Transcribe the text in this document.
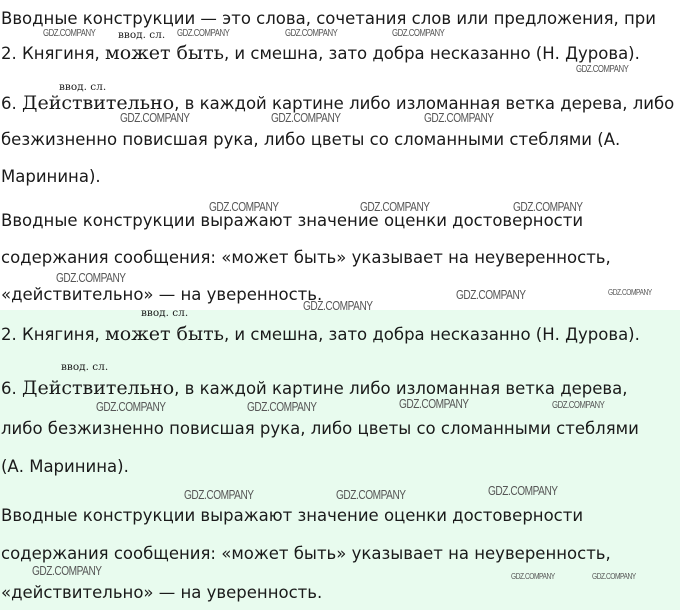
Вводные конструкции — это слова, сочетания слов или предложения, при
ввод. сл.
2. Княгиня, может быть, и смешна, зато добра несказанно (Н. Дурова).
ввод. сл.
6. Действительно, в каждой картине либо изломанная ветка дерева, либо
безжизненно повисшая рука, либо цветы со сломанными стеблями (А.
Маринина).
Вводные конструкции выражают значение оценки достоверности
содержания сообщения: «может быть» указывает на неуверенность,
«действительно» — на уверенность.
ввод. сл.
2. Княгиня, может быть, и смешна, зато добра несказанно (Н. Дурова).
ввод. сл.
6. Действительно, в каждой картине либо изломанная ветка дерева,
либо безжизненно повисшая рука, либо цветы со сломанными стеблями
(А. Маринина).
Вводные конструкции выражают значение оценки достоверности
содержания сообщения: «может быть» указывает на неуверенность,
«действительно» — на уверенность.
GDZ.COMPANY	GDZ.COMPANY	GDZ.COMPANY	GDZ.COMPANY
GDZ.COMPANY
GDZ.COMPANY	GDZ.COMPANY	GDZ.COMPANY
GDZ.COMPANY	GDZ.COMPANY	GDZ.COMPANY
GDZ.COMPANY
GDZ.COMPANY
GDZ.COMPANY	GDZ.COMPANY
GDZ.COMPANY	GDZ.COMPANY	GDZ.COMPANY	GDZ.COMPANY
GDZ.COMPANY	GDZ.COMPANY	GDZ.COMPANY
GDZ.COMPANY	GDZ.COMPANY	GDZ.COMPANY
